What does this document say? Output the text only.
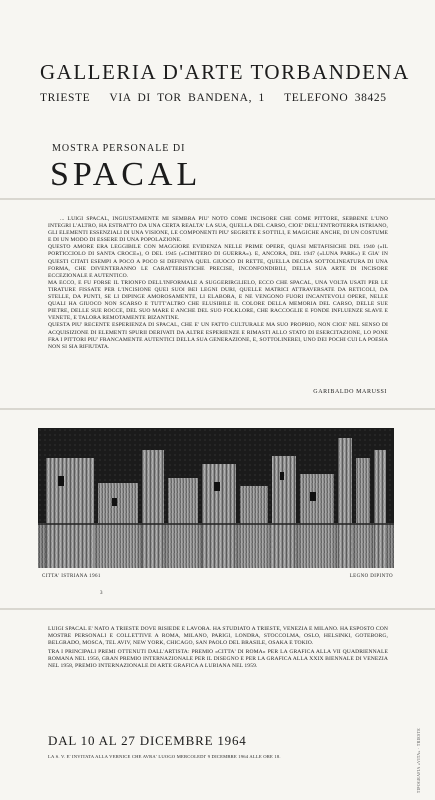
GALLERIA D'ARTE TORBANDENA
TRIESTE VIA DI TOR BANDENA, 1 TELEFONO 38425
MOSTRA PERSONALE DI
SPACAL

... LUIGI SPACAL, INGIUSTAMENTE MI SEMBRA PIU' NOTO COME INCISORE CHE COME PITTORE, SEBBENE L'UNO INTEGRI L'ALTRO, HA ESTRATTO DA UNA CERTA REALTA' LA SUA, QUELLA DEL CARSO, CIOE' DELL'ENTROTERRA ISTRIANO, GLI ELEMENTI ESSENZIALI DI UNA VISIONE, LE COMPONENTI PIU' SEGRETE E SOTTILI, E MAGICHE ANCHE, DI UN COSTUME E DI UN MODO DI ESSERE DI UNA POPOLAZIONE.

QUESTO AMORE ERA LEGGIBILE CON MAGGIORE EVIDENZA NELLE PRIME OPERE, QUASI METAFISICHE DEL 1940 («IL PORTICCIOLO DI SANTA CROCE»), O DEL 1945 («CIMITERO DI GUERRA»). E, ANCORA, DEL 1947 («LUNA PARK») E GIA' IN QUESTI CITATI ESEMPI A POCO A POCO SI DEFINIVA QUEL GIUOCO DI RETTE, QUELLA DECISA SOTTOLINEATURA DI UNA FORMA, CHE DIVENTERANNO LE CARATTERISTICHE PRECISE, INCONFONDIBILI, DELLA SUA ARTE DI INCISORE ECCEZIONALE E AUTENTICO.

MA ECCO, E FU FORSE IL TRIONFO DELL'INFORMALE A SUGGERIRGLIELO, ECCO CHE SPACAL, UNA VOLTA USATI PER LE TIRATURE FISSATE PER L'INCISIONE QUEI SUOI BEI LEGNI DURI, QUELLE MATRICI ATTRAVERSATE DA RETICOLI, DA STELLE, DA PUNTI, SE LI DIPINGE AMOROSAMENTE, LI ELABORA, E NE VENGONO FUORI INCANTEVOLI OPERE, NELLE QUALI HA GIUOCO NON SCARSO E TUTT'ALTRO CHE ELUSIBILE IL COLORE DELLA MEMORIA DEL CARSO, DELLE SUE PIETRE, DELLE SUE ROCCE, DEL SUO MARE E ANCHE DEL SUO FOLKLORE, CHE RACCOGLIE E FONDE INFLUENZE SLAVE E VENETE, E TALORA REMOTAMENTE BIZANTINE.

QUESTA PIU' RECENTE ESPERIENZA DI SPACAL, CHE E' UN FATTO CULTURALE MA SUO PROPRIO, NON CIOE' NEL SENSO DI ACQUISIZIONE DI ELEMENTI SPURII DERIVATI DA ALTRE ESPERIENZE E RIMASTI ALLO STATO DI ESERCITAZIONE, LO PONE FRA I PITTORI PIU' FRANCAMENTE AUTENTICI DELLA SUA GENERAZIONE, E, SOTTOLINEREI, UNO DEI POCHI CUI LA POESIA NON SI SIA RIFIUTATA.

GARIBALDO MARUSSI
CITTA' ISTRIANA 1961	LEGNO DIPINTO
3

LUIGI SPACAL E' NATO A TRIESTE DOVE RISIEDE E LAVORA. HA STUDIATO A TRIESTE, VENEZIA E MILANO. HA ESPOSTO CON MOSTRE PERSONALI E COLLETTIVE A ROMA, MILANO, PARIGI, LONDRA, STOCCOLMA, OSLO, HELSINKI, GOTEBORG, BELGRADO, MOSCA, TEL AVIV, NEW YORK, CHICAGO, SAN PAOLO DEL BRASILE, OSAKA E TOKIO.

TRA I PRINCIPALI PREMI OTTENUTI DALL'ARTISTA: PREMIO «CITTA' DI ROMA» PER LA GRAFICA ALLA VII QUADRIENNALE ROMANA NEL 1956, GRAN PREMIO INTERNAZIONALE PER IL DISEGNO E PER LA GRAFICA ALLA XXIX BIENNALE DI VENEZIA NEL 1958, PREMIO INTERNAZIONALE DI ARTE GRAFICA A LUBIANA NEL 1959.

DAL 10 AL 27 DICEMBRE 1964
LA S. V. E' INVITATA ALLA VERNICE CHE AVRA' LUOGO MERCOLEDI' 9 DICEMBRE 1964 ALLE ORE 18.	TIPOGRAFIA «VITA» · TRIESTE
